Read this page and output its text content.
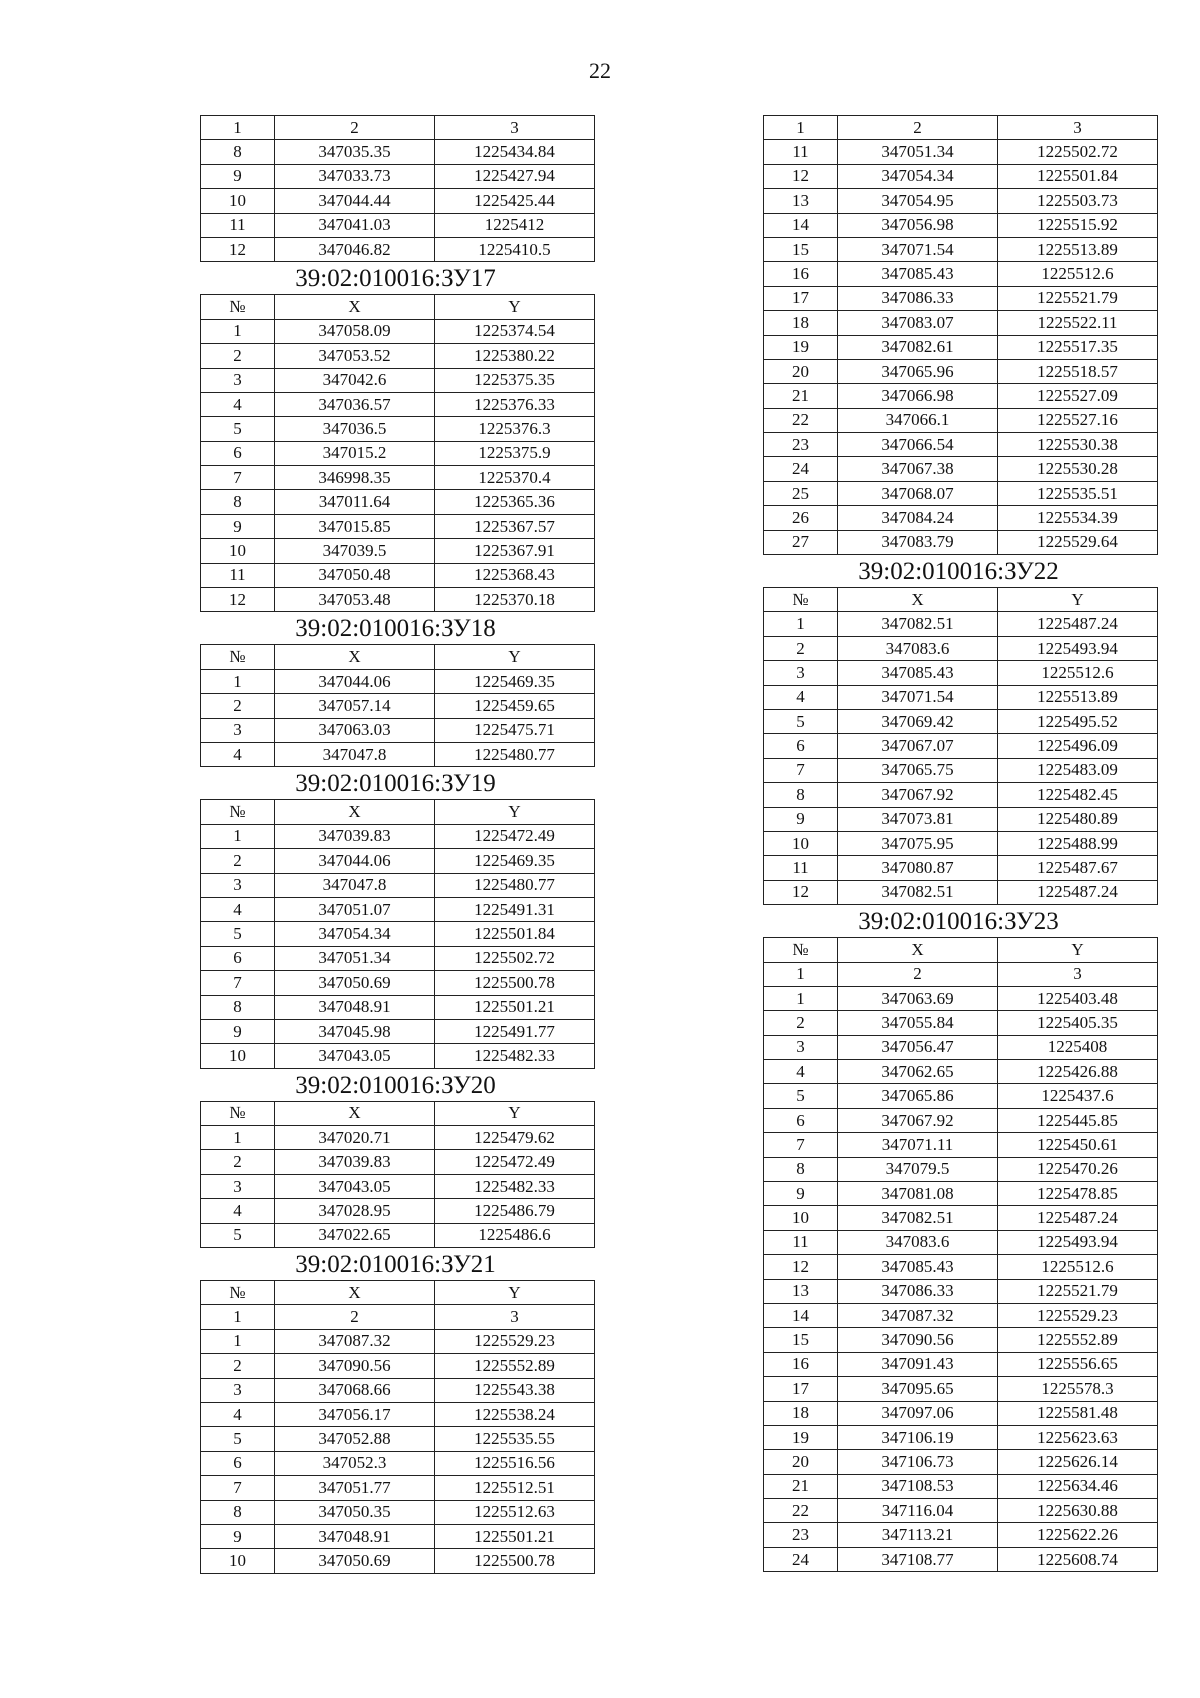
22
1	2	3
8	347035.35	1225434.84
9	347033.73	1225427.94
10	347044.44	1225425.44
11	347041.03	1225412
12	347046.82	1225410.5
39:02:010016:ЗУ17
№	X	Y
1	347058.09	1225374.54
2	347053.52	1225380.22
3	347042.6	1225375.35
4	347036.57	1225376.33
5	347036.5	1225376.3
6	347015.2	1225375.9
7	346998.35	1225370.4
8	347011.64	1225365.36
9	347015.85	1225367.57
10	347039.5	1225367.91
11	347050.48	1225368.43
12	347053.48	1225370.18
39:02:010016:ЗУ18
№	X	Y
1	347044.06	1225469.35
2	347057.14	1225459.65
3	347063.03	1225475.71
4	347047.8	1225480.77
39:02:010016:ЗУ19
№	X	Y
1	347039.83	1225472.49
2	347044.06	1225469.35
3	347047.8	1225480.77
4	347051.07	1225491.31
5	347054.34	1225501.84
6	347051.34	1225502.72
7	347050.69	1225500.78
8	347048.91	1225501.21
9	347045.98	1225491.77
10	347043.05	1225482.33
39:02:010016:ЗУ20
№	X	Y
1	347020.71	1225479.62
2	347039.83	1225472.49
3	347043.05	1225482.33
4	347028.95	1225486.79
5	347022.65	1225486.6
39:02:010016:ЗУ21
№	X	Y
1	2	3
1	347087.32	1225529.23
2	347090.56	1225552.89
3	347068.66	1225543.38
4	347056.17	1225538.24
5	347052.88	1225535.55
6	347052.3	1225516.56
7	347051.77	1225512.51
8	347050.35	1225512.63
9	347048.91	1225501.21
10	347050.69	1225500.78
1	2	3
11	347051.34	1225502.72
12	347054.34	1225501.84
13	347054.95	1225503.73
14	347056.98	1225515.92
15	347071.54	1225513.89
16	347085.43	1225512.6
17	347086.33	1225521.79
18	347083.07	1225522.11
19	347082.61	1225517.35
20	347065.96	1225518.57
21	347066.98	1225527.09
22	347066.1	1225527.16
23	347066.54	1225530.38
24	347067.38	1225530.28
25	347068.07	1225535.51
26	347084.24	1225534.39
27	347083.79	1225529.64
39:02:010016:ЗУ22
№	X	Y
1	347082.51	1225487.24
2	347083.6	1225493.94
3	347085.43	1225512.6
4	347071.54	1225513.89
5	347069.42	1225495.52
6	347067.07	1225496.09
7	347065.75	1225483.09
8	347067.92	1225482.45
9	347073.81	1225480.89
10	347075.95	1225488.99
11	347080.87	1225487.67
12	347082.51	1225487.24
39:02:010016:ЗУ23
№	X	Y
1	2	3
1	347063.69	1225403.48
2	347055.84	1225405.35
3	347056.47	1225408
4	347062.65	1225426.88
5	347065.86	1225437.6
6	347067.92	1225445.85
7	347071.11	1225450.61
8	347079.5	1225470.26
9	347081.08	1225478.85
10	347082.51	1225487.24
11	347083.6	1225493.94
12	347085.43	1225512.6
13	347086.33	1225521.79
14	347087.32	1225529.23
15	347090.56	1225552.89
16	347091.43	1225556.65
17	347095.65	1225578.3
18	347097.06	1225581.48
19	347106.19	1225623.63
20	347106.73	1225626.14
21	347108.53	1225634.46
22	347116.04	1225630.88
23	347113.21	1225622.26
24	347108.77	1225608.74
